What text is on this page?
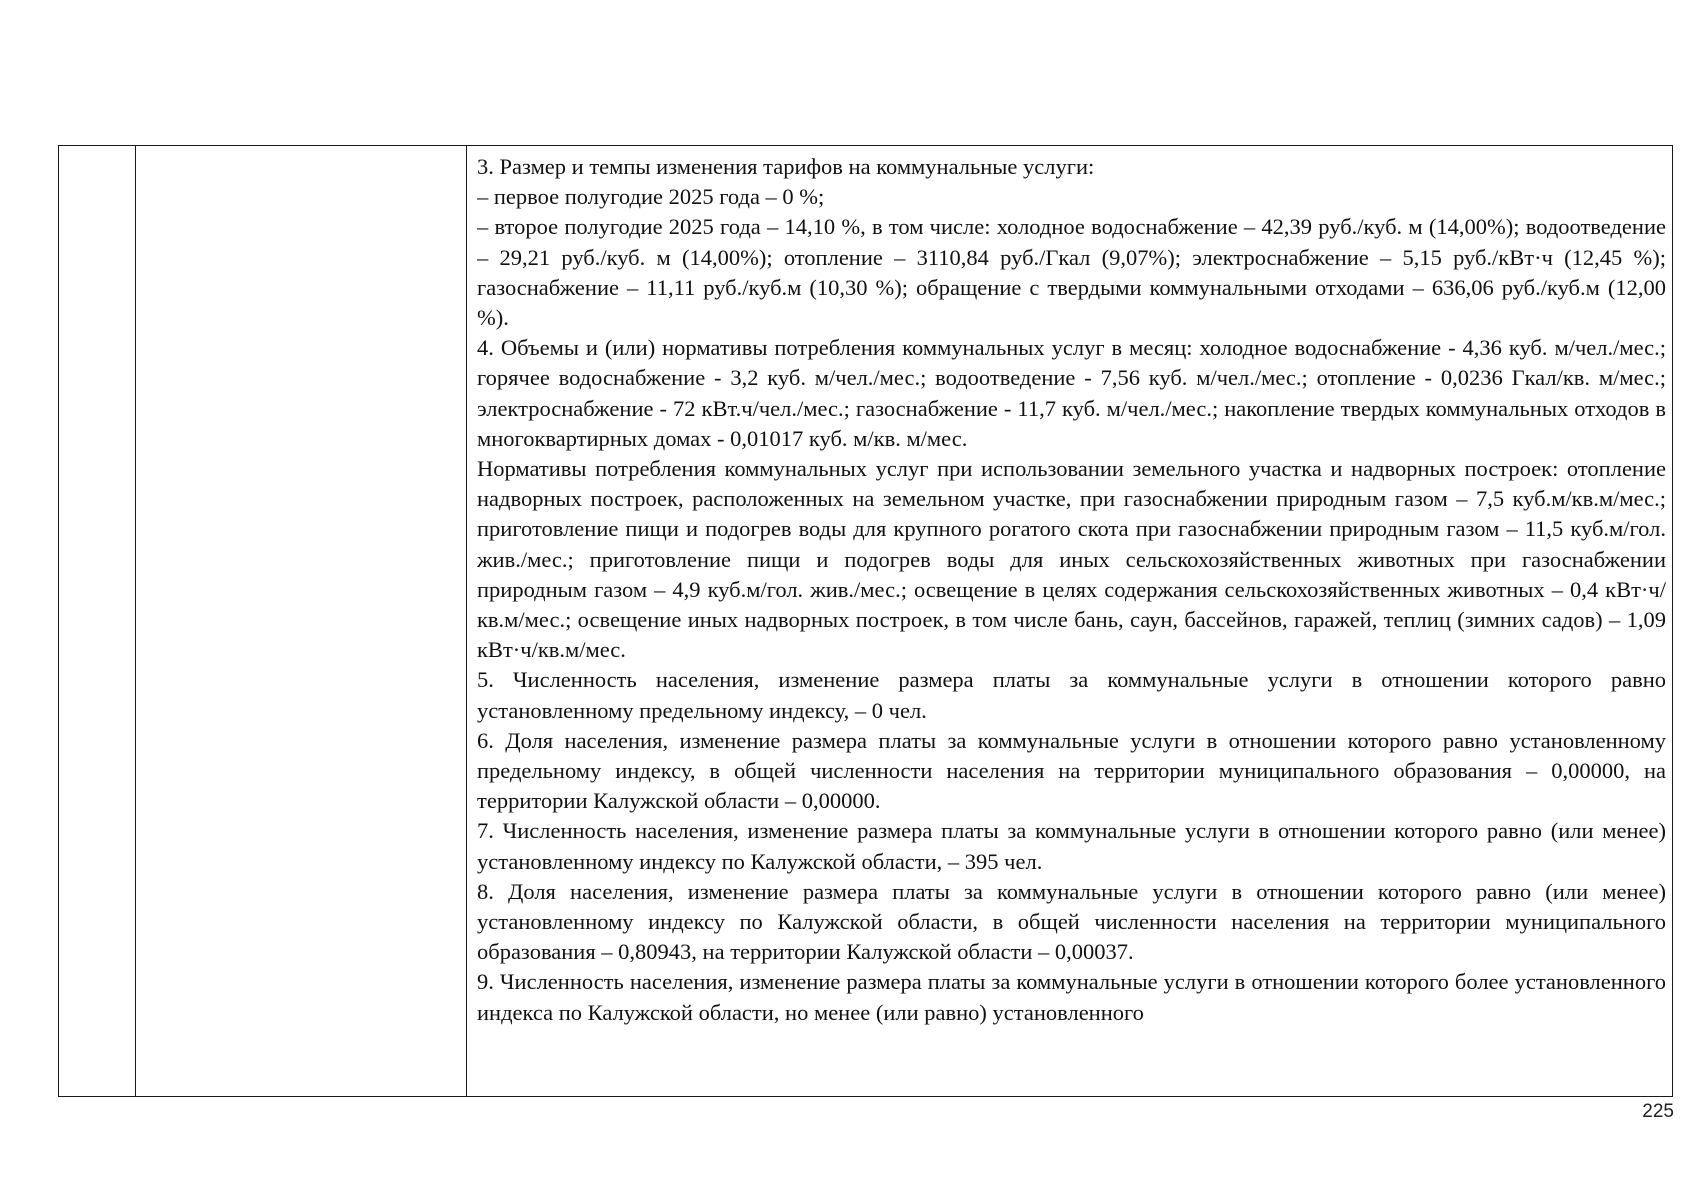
3. Размер и темпы изменения тарифов на коммунальные услуги:

– первое полугодие 2025 года – 0 %;

– второе полугодие 2025 года – 14,10 %, в том числе: холодное водоснабжение – 42,39 руб./куб. м (14,00%); водоотведение – 29,21 руб./куб. м (14,00%); отопление – 3110,84 руб./Гкал (9,07%); электроснабжение – 5,15 руб./кВт·ч (12,45 %); газоснабжение – 11,11 руб./куб.м (10,30 %); обращение с твердыми коммунальными отходами – 636,06 руб./куб.м (12,00 %).

4. Объемы и (или) нормативы потребления коммунальных услуг в месяц: холодное водоснабжение - 4,36 куб. м/чел./мес.; горячее водоснабжение - 3,2 куб. м/чел./мес.; водоотведение - 7,56 куб. м/чел./мес.; отопление - 0,0236 Гкал/кв. м/мес.; электроснабжение - 72 кВт.ч/чел./мес.; газоснабжение - 11,7 куб. м/чел./мес.; накопление твердых коммунальных отходов в многоквартирных домах - 0,01017 куб. м/кв. м/мес.

Нормативы потребления коммунальных услуг при использовании земельного участка и надворных построек: отопление надворных построек, расположенных на земельном участке, при газоснабжении природным газом – 7,5 куб.м/кв.м/мес.; приготовление пищи и подогрев воды для крупного рогатого скота при газоснабжении природным газом – 11,5 куб.м/гол. жив./мес.; приготовление пищи и подогрев воды для иных сельскохозяйственных животных при газоснабжении природным газом – 4,9 куб.м/гол. жив./мес.; освещение в целях содержания сельскохозяйственных животных – 0,4 кВт·ч/кв.м/мес.; освещение иных надворных построек, в том числе бань, саун, бассейнов, гаражей, теплиц (зимних садов) – 1,09 кВт·ч/кв.м/мес.

5. Численность населения, изменение размера платы за коммунальные услуги в отношении которого равно установленному предельному индексу, – 0 чел.

6. Доля населения, изменение размера платы за коммунальные услуги в отношении которого равно установленному предельному индексу, в общей численности населения на территории муниципального образования – 0,00000, на территории Калужской области – 0,00000.

7. Численность населения, изменение размера платы за коммунальные услуги в отношении которого равно (или менее) установленному индексу по Калужской области, – 395 чел.

8. Доля населения, изменение размера платы за коммунальные услуги в отношении которого равно (или менее) установленному индексу по Калужской области, в общей численности населения на территории муниципального образования – 0,80943, на территории Калужской области – 0,00037.

9. Численность населения, изменение размера платы за коммунальные услуги в отношении которого более установленного индекса по Калужской области, но менее (или равно) установленного

225
